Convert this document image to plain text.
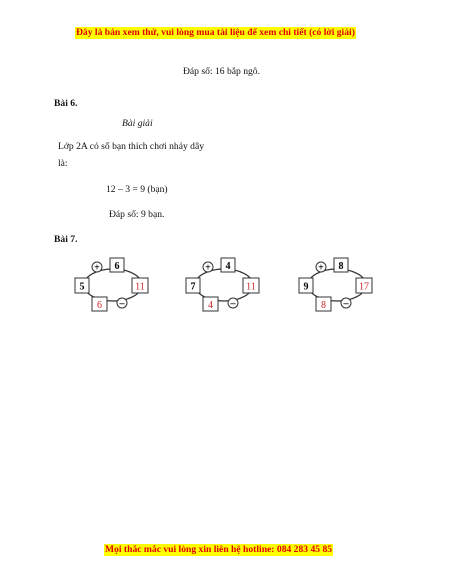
Đây là bản xem thử, vui lòng mua tài liệu để xem chi tiết (có lời giải)
Đáp số: 16 bắp ngô.
Bài 6.
Bài giải
Lớp 2A có số bạn thích chơi nhảy dây
là:
12 – 3 = 9 (bạn)
Đáp số: 9 bạn.
Bài 7.
+ 6
5	11
6 –
+ 4
7	11
4 –
+ 8
9	17
8 –
Mọi thắc mắc vui lòng xin liên hệ hotline: 084 283 45 85
